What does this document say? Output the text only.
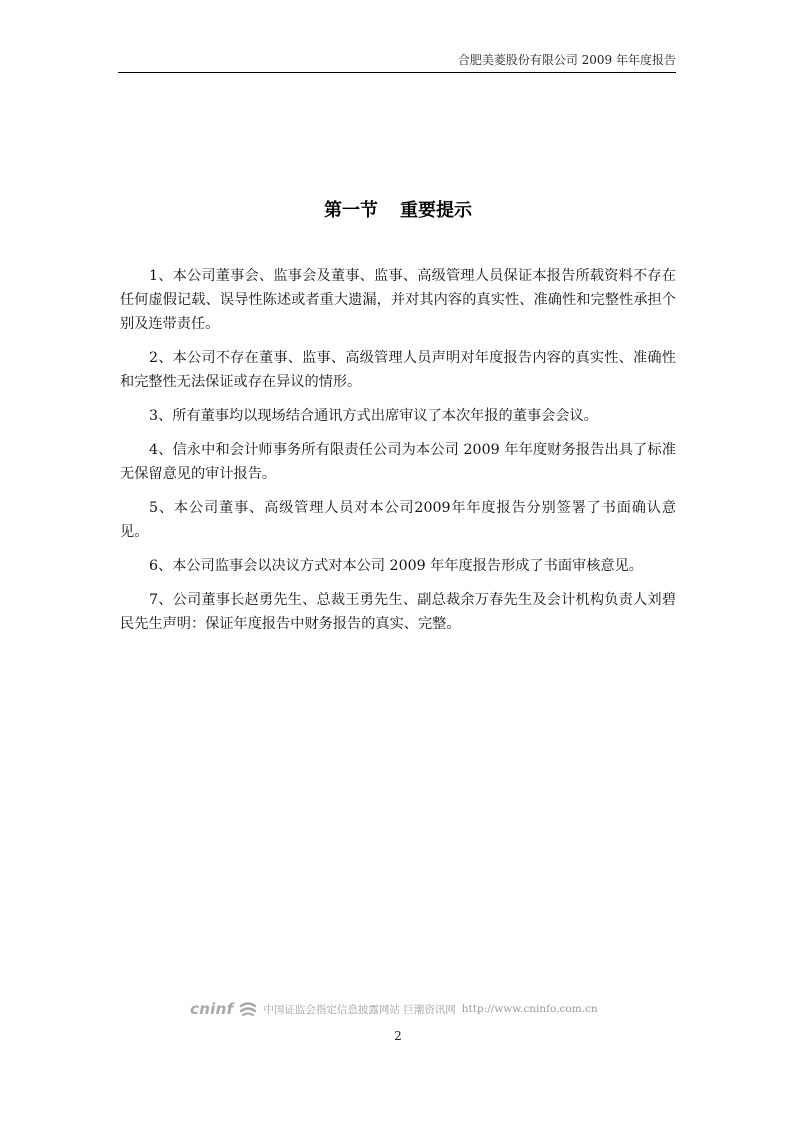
合肥美菱股份有限公司 2009 年年度报告
第一节 重要提示
1、本公司董事会、监事会及董事、监事、高级管理人员保证本报告所载资料不存在任何虚假记载、误导性陈述或者重大遗漏，并对其内容的真实性、准确性和完整性承担个别及连带责任。
2、本公司不存在董事、监事、高级管理人员声明对年度报告内容的真实性、准确性和完整性无法保证或存在异议的情形。
3、所有董事均以现场结合通讯方式出席审议了本次年报的董事会会议。
4、信永中和会计师事务所有限责任公司为本公司 2009 年年度财务报告出具了标准无保留意见的审计报告。
5、本公司董事、高级管理人员对本公司2009年年度报告分别签署了书面确认意见。
6、本公司监事会以决议方式对本公司 2009 年年度报告形成了书面审核意见。
7、公司董事长赵勇先生、总裁王勇先生、副总裁余万春先生及会计机构负责人刘碧民先生声明：保证年度报告中财务报告的真实、完整。
cninf	中国证监会指定信息披露网站 巨潮资讯网 http://www.cninfo.com.cn
2
